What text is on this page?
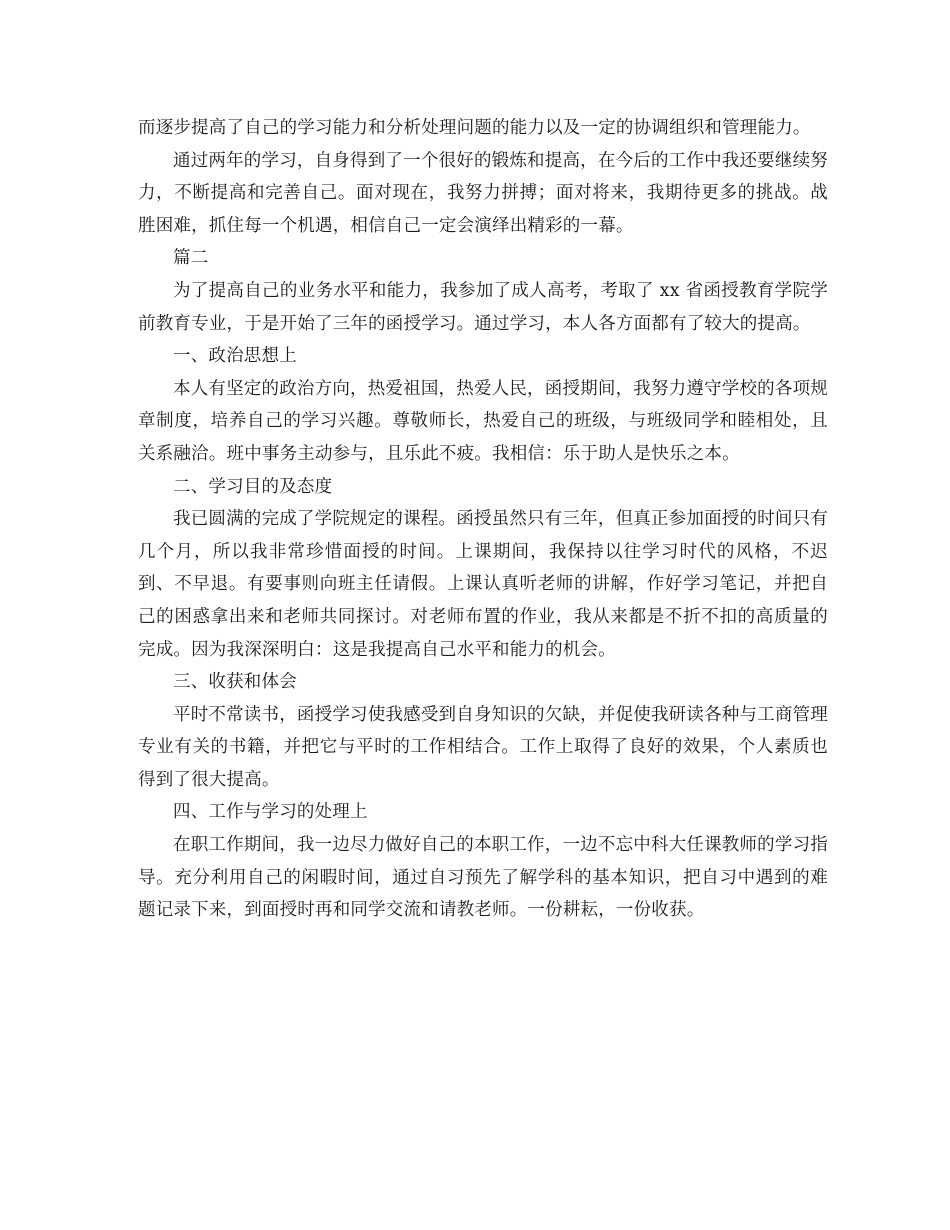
而逐步提高了自己的学习能力和分析处理问题的能力以及一定的协调组织和管理能力。

通过两年的学习，自身得到了一个很好的锻炼和提高，在今后的工作中我还要继续努力，不断提高和完善自己。面对现在，我努力拼搏；面对将来，我期待更多的挑战。战胜困难，抓住每一个机遇，相信自己一定会演绎出精彩的一幕。

篇二

为了提高自己的业务水平和能力，我参加了成人高考，考取了 xx 省函授教育学院学前教育专业，于是开始了三年的函授学习。通过学习，本人各方面都有了较大的提高。

一、政治思想上

本人有坚定的政治方向，热爱祖国，热爱人民，函授期间，我努力遵守学校的各项规章制度，培养自己的学习兴趣。尊敬师长，热爱自己的班级，与班级同学和睦相处，且关系融洽。班中事务主动参与，且乐此不疲。我相信：乐于助人是快乐之本。

二、学习目的及态度

我已圆满的完成了学院规定的课程。函授虽然只有三年，但真正参加面授的时间只有几个月，所以我非常珍惜面授的时间。上课期间，我保持以往学习时代的风格，不迟到、不早退。有要事则向班主任请假。上课认真听老师的讲解，作好学习笔记，并把自己的困惑拿出来和老师共同探讨。对老师布置的作业，我从来都是不折不扣的高质量的完成。因为我深深明白：这是我提高自己水平和能力的机会。

三、收获和体会

平时不常读书，函授学习使我感受到自身知识的欠缺，并促使我研读各种与工商管理专业有关的书籍，并把它与平时的工作相结合。工作上取得了良好的效果，个人素质也得到了很大提高。

四、工作与学习的处理上

在职工作期间，我一边尽力做好自己的本职工作，一边不忘中科大任课教师的学习指导。充分利用自己的闲暇时间，通过自习预先了解学科的基本知识，把自习中遇到的难题记录下来，到面授时再和同学交流和请教老师。一份耕耘，一份收获。
